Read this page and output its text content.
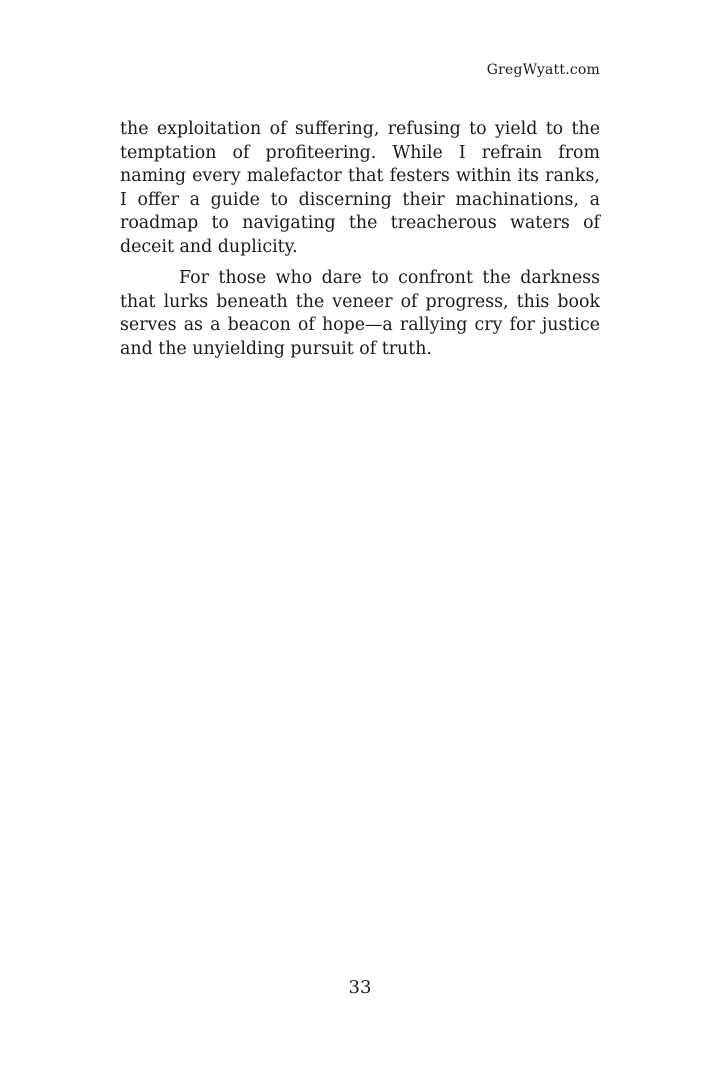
GregWyatt.com

the exploitation of suffering, refusing to yield to the temptation of profiteering. While I refrain from naming every malefactor that festers within its ranks, I offer a guide to discerning their machinations, a roadmap to navigating the treacherous waters of deceit and duplicity.

For those who dare to confront the darkness that lurks beneath the veneer of progress, this book serves as a beacon of hope—a rallying cry for justice and the unyielding pursuit of truth.

33
